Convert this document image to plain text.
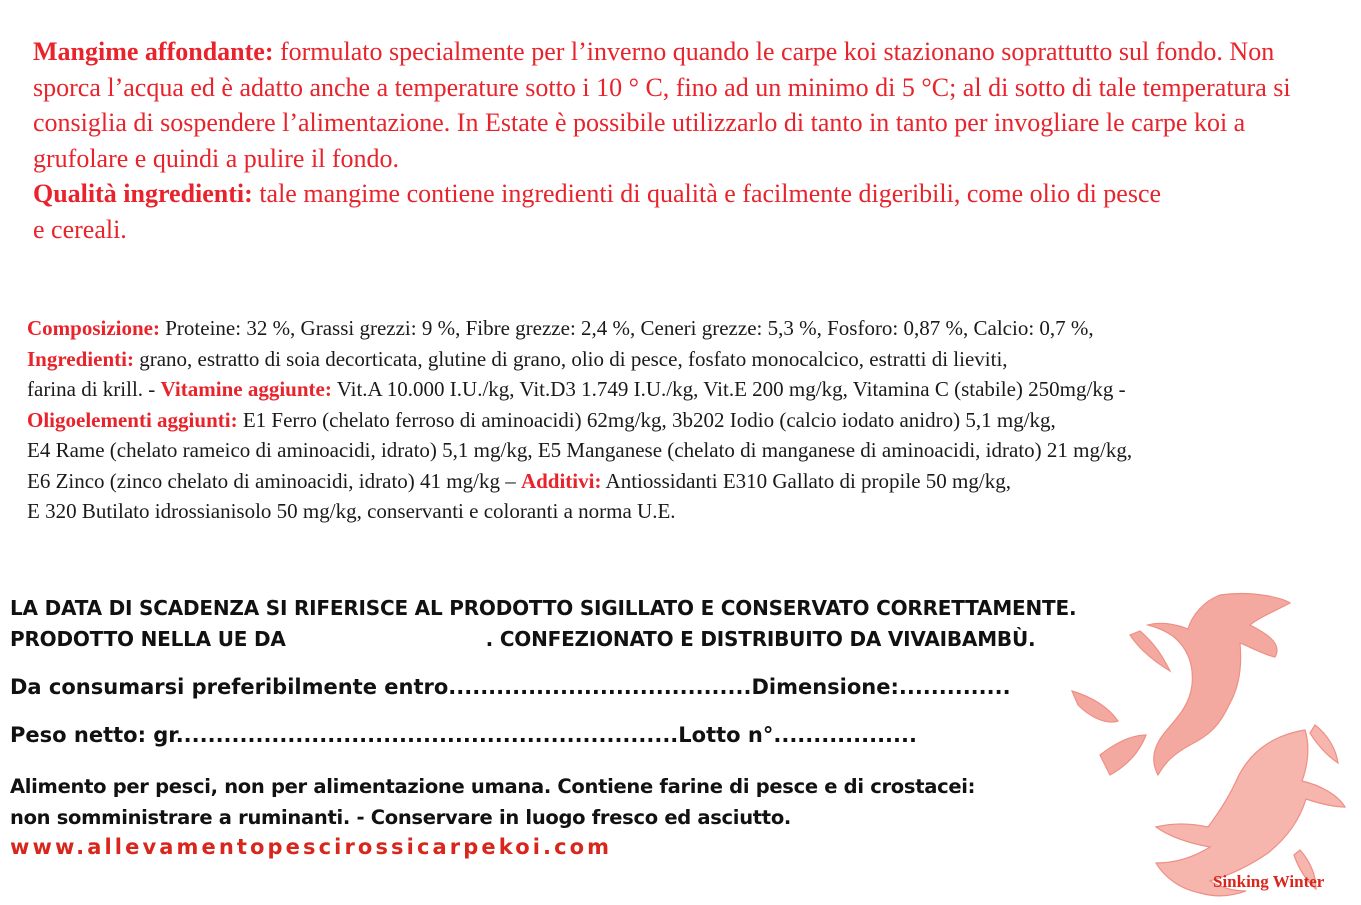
Mangime affondante: formulato specialmente per l’inverno quando le carpe koi stazionano soprattutto sul fondo. Non sporca l’acqua ed è adatto anche a temperature sotto i 10 ° C, fino ad un minimo di 5 °C; al di sotto di tale temperatura si consiglia di sospendere l’alimentazione. In Estate è possibile utilizzarlo di tanto in tanto per invogliare le carpe koi a grufolare e quindi a pulire il fondo.

Qualità ingredienti: tale mangime contiene ingredienti di qualità e facilmente digeribili, come olio di pesce
e cereali.

Composizione: Proteine: 32 %, Grassi grezzi: 9 %, Fibre grezze: 2,4 %, Ceneri grezze: 5,3 %, Fosforo: 0,87 %, Calcio: 0,7 %,
Ingredienti: grano, estratto di soia decorticata, glutine di grano, olio di pesce, fosfato monocalcico, estratti di lieviti,
farina di krill. - Vitamine aggiunte: Vit.A 10.000 I.U./kg, Vit.D3 1.749 I.U./kg, Vit.E 200 mg/kg, Vitamina C (stabile) 250mg/kg -
Oligoelementi aggiunti: E1 Ferro (chelato ferroso di aminoacidi) 62mg/kg, 3b202 Iodio (calcio iodato anidro) 5,1 mg/kg,
E4 Rame (chelato rameico di aminoacidi, idrato) 5,1 mg/kg, E5 Manganese (chelato di manganese di aminoacidi, idrato) 21 mg/kg,
E6 Zinco (zinco chelato di aminoacidi, idrato) 41 mg/kg – Additivi: Antiossidanti E310 Gallato di propile 50 mg/kg,
E 320 Butilato idrossianisolo 50 mg/kg, conservanti e coloranti a norma U.E.
LA DATA DI SCADENZA SI RIFERISCE AL PRODOTTO SIGILLATO E CONSERVATO CORRETTAMENTE.
PRODOTTO NELLA UE DA	. CONFEZIONATO E DISTRIBUITO DA VIVAIBAMBÙ.
Da consumarsi preferibilmente entro......................................Dimensione:..............
Peso netto: gr...............................................................Lotto n°..................
Alimento per pesci, non per alimentazione umana. Contiene farine di pesce e di crostacei:
non somministrare a ruminanti. - Conservare in luogo fresco ed asciutto.
www.allevamentopescirossicarpekoi.com
Sinking Winter
